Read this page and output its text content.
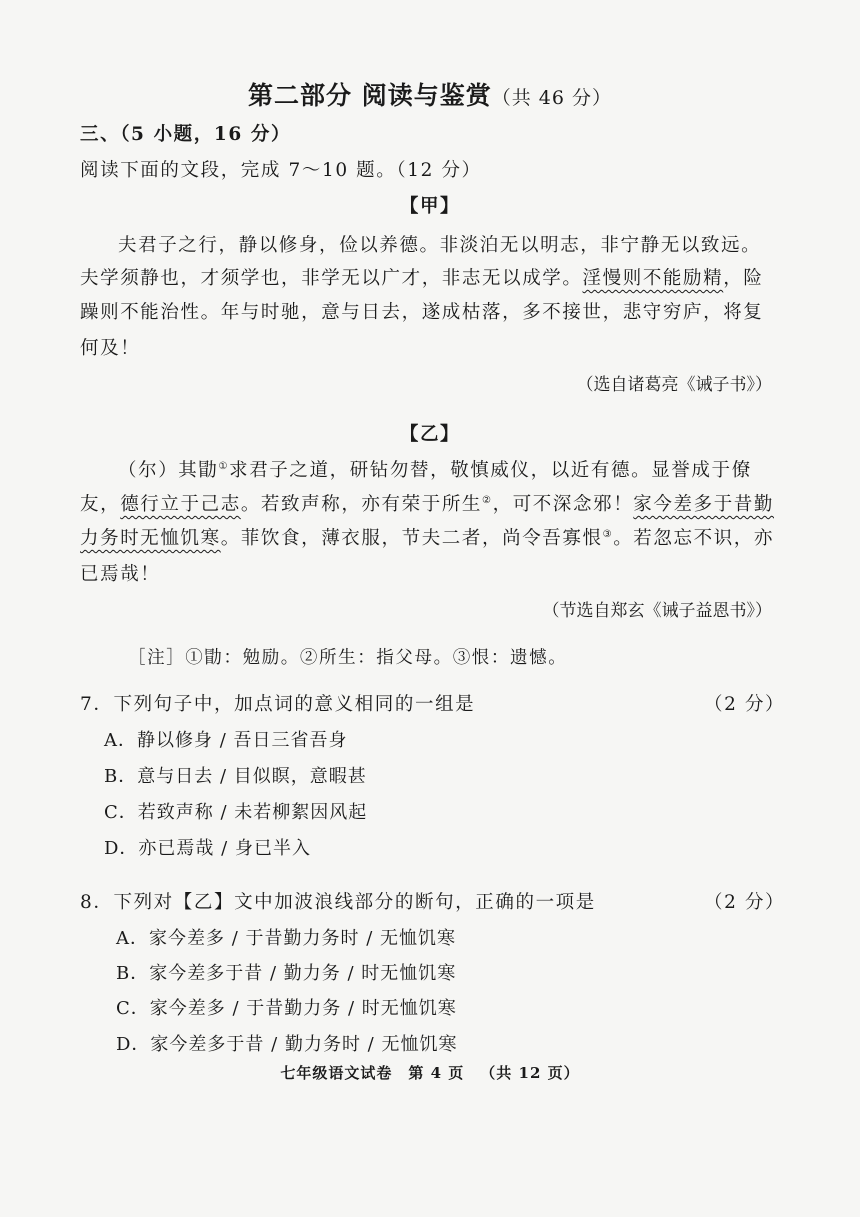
第二部分 阅读与鉴赏（共 46 分）
三、（5 小题，16 分）
阅读下面的文段，完成 7～10 题。（12 分）
【甲】
夫君子之行，静以修身，俭以养德。非淡泊无以明志，非宁静无以致远。
夫学须静也，才须学也，非学无以广才，非志无以成学。淫慢则不能励精，险
躁则不能治性。年与时驰，意与日去，遂成枯落，多不接世，悲守穷庐，将复
何及！
（选自诸葛亮《诫子书》）
【乙】
（尔）其勖①求君子之道，研钻勿替，敬慎威仪，以近有德。显誉成于僚
友，德行立于己志。若致声称，亦有荣于所生②，可不深念邪！家今差多于昔勤
力务时无恤饥寒。菲饮食，薄衣服，节夫二者，尚令吾寡恨③。若忽忘不识，亦
已焉哉！
（节选自郑玄《诫子益恩书》）
［注］①勖：勉励。②所生：指父母。③恨：遗憾。
7．下列句子中，加点词的意义相同的一组是	（2 分）
A．静以修身 / 吾日三省吾身
B．意与日去 / 目似瞑，意暇甚
C．若致声称 / 未若柳絮因风起
D．亦已焉哉 / 身已半入
8．下列对【乙】文中加波浪线部分的断句，正确的一项是	（2 分）
A．家今差多 / 于昔勤力务时 / 无恤饥寒
B．家今差多于昔 / 勤力务 / 时无恤饥寒
C．家今差多 / 于昔勤力务 / 时无恤饥寒
D．家今差多于昔 / 勤力务时 / 无恤饥寒
七年级语文试卷 第 4 页 （共 12 页）
